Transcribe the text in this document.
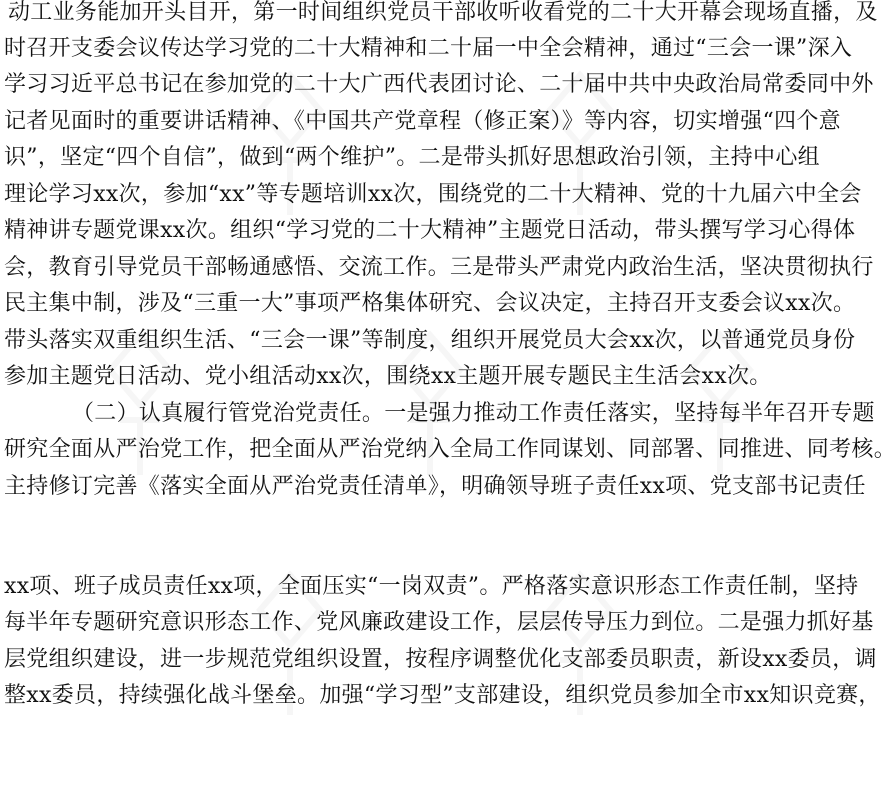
动工业务能加开头目开，第一时间组织党员干部收听收看党的二十大开幕会现场直播，及
时召开支委会议传达学习党的二十大精神和二十届一中全会精神，通过“三会一课”深入
学习习近平总书记在参加党的二十大广西代表团讨论、二十届中共中央政治局常委同中外
记者见面时的重要讲话精神、《中国共产党章程（修正案）》等内容，切实增强“四个意
识”，坚定“四个自信”，做到“两个维护”。二是带头抓好思想政治引领，主持中心组
理论学习xx次，参加“xx”等专题培训xx次，围绕党的二十大精神、党的十九届六中全会
精神讲专题党课xx次。组织“学习党的二十大精神”主题党日活动，带头撰写学习心得体
会，教育引导党员干部畅通感悟、交流工作。三是带头严肃党内政治生活，坚决贯彻执行
民主集中制，涉及“三重一大”事项严格集体研究、会议决定，主持召开支委会议xx次。
带头落实双重组织生活、“三会一课”等制度，组织开展党员大会xx次，以普通党员身份
参加主题党日活动、党小组活动xx次，围绕xx主题开展专题民主生活会xx次。
（二）认真履行管党治党责任。一是强力推动工作责任落实，坚持每半年召开专题
研究全面从严治党工作，把全面从严治党纳入全局工作同谋划、同部署、同推进、同考核。
主持修订完善《落实全面从严治党责任清单》，明确领导班子责任xx项、党支部书记责任
xx项、班子成员责任xx项，全面压实“一岗双责”。严格落实意识形态工作责任制，坚持
每半年专题研究意识形态工作、党风廉政建设工作，层层传导压力到位。二是强力抓好基
层党组织建设，进一步规范党组织设置，按程序调整优化支部委员职责，新设xx委员，调
整xx委员，持续强化战斗堡垒。加强“学习型”支部建设，组织党员参加全市xx知识竞赛，
